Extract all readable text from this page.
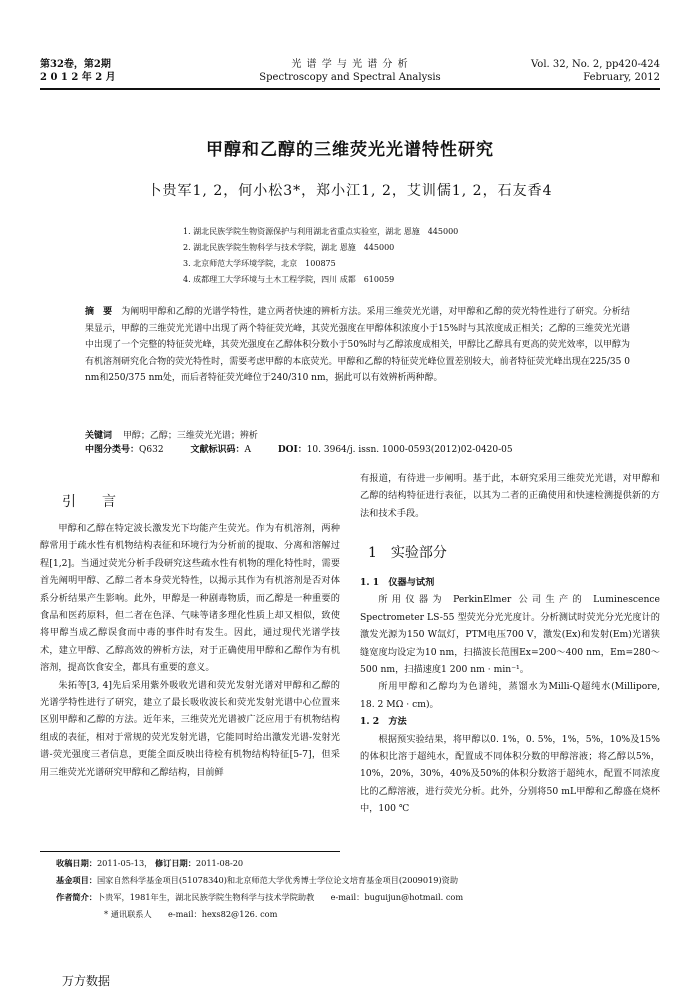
第32卷，第2期
2 0 1 2 年 2 月
光 谱 学 与 光 谱 分 析
Spectroscopy and Spectral Analysis
Vol. 32, No. 2, pp420-424
February, 2012
甲醇和乙醇的三维荧光光谱特性研究
卜贵军1, 2，何小松3*，郑小江1, 2，艾训儒1, 2，石友香4
1. 湖北民族学院生物资源保护与利用湖北省重点实验室，湖北 恩施　445000
2. 湖北民族学院生物科学与技术学院，湖北 恩施　445000
3. 北京师范大学环境学院，北京　100875
4. 成都理工大学环境与土木工程学院，四川 成都　610059
摘　要 为阐明甲醇和乙醇的光谱学特性，建立两者快速的辨析方法。采用三维荧光光谱，对甲醇和乙醇的荧光特性进行了研究。分析结果显示，甲醇的三维荧光光谱中出现了两个特征荧光峰，其荧光强度在甲醇体积浓度小于15%时与其浓度成正相关；乙醇的三维荧光光谱中出现了一个完整的特征荧光峰，其荧光强度在乙醇体积分数小于50%时与乙醇浓度成相关，甲醇比乙醇具有更高的荧光效率，以甲醇为有机溶剂研究化合物的荧光特性时，需要考虑甲醇的本底荧光。甲醇和乙醇的特征荧光峰位置差别较大，前者特征荧光峰出现在225/35 0 nm和250/375 nm处，而后者特征荧光峰位于240/310 nm，据此可以有效辨析两种醇。
关键词 甲醇；乙醇；三维荧光光谱；辨析
中图分类号：Q632	文献标识码：A	DOI：10. 3964/j. issn. 1000-0593(2012)02-0420-05
引　言

甲醇和乙醇在特定波长激发光下均能产生荧光。作为有机溶剂，两种醇常用于疏水性有机物结构表征和环境行为分析前的提取、分离和溶解过程[1,2]。当通过荧光分析手段研究这些疏水性有机物的理化特性时，需要首先阐明甲醇、乙醇二者本身荧光特性，以揭示其作为有机溶剂是否对体系分析结果产生影响。此外，甲醇是一种剧毒物质，而乙醇是一种重要的食品和医药原料，但二者在色泽、气味等诸多理化性质上却又相似，致使将甲醇当成乙醇误食而中毒的事件时有发生。因此，通过现代光谱学技术，建立甲醇、乙醇高效的辨析方法，对于正确使用甲醇和乙醇作为有机溶剂，提高饮食安全，都具有重要的意义。

朱拓等[3, 4]先后采用紫外吸收光谱和荧光发射光谱对甲醇和乙醇的光谱学特性进行了研究，建立了最长吸收波长和荧光发射光谱中心位置来区别甲醇和乙醇的方法。近年来，三维荧光光谱被广泛应用于有机物结构组成的表征，相对于常规的荧光发射光谱，它能同时给出激发光谱-发射光谱-荧光强度三者信息，更能全面反映出待检有机物结构特征[5-7]，但采用三维荧光光谱研究甲醇和乙醇结构，目前鲜

有报道，有待进一步阐明。基于此，本研究采用三维荧光光谱，对甲醇和乙醇的结构特征进行表征，以其为二者的正确使用和快速检测提供新的方法和技术手段。

1　实验部分
1. 1　仪器与试剂

所用仪器为 PerkinElmer 公司生产的 Luminescence Spectrometer LS-55 型荧光分光光度计。分析测试时荧光分光光度计的激发光源为150 W氙灯，PTM电压700 V，激发(Ex)和发射(Em)光谱狭缝宽度均设定为10 nm，扫描波长范围Ex=200～400 nm，Em=280～500 nm，扫描速度1 200 nm · min⁻¹。

所用甲醇和乙醇均为色谱纯，蒸馏水为Milli-Q超纯水(Millipore, 18. 2 MΩ · cm)。

1. 2　方法

根据预实验结果，将甲醇以0. 1%，0. 5%，1%，5%，10%及15%的体积比溶于超纯水，配置成不同体积分数的甲醇溶液；将乙醇以5%，10%，20%，30%，40%及50%的体积分数溶于超纯水，配置不同浓度比的乙醇溶液，进行荧光分析。此外，分别将50 mL甲醇和乙醇盛在烧杯中，100 ℃

收稿日期：2011-05-13， 修订日期：2011-08-20
基金项目：国家自然科学基金项目(51078340)和北京师范大学优秀博士学位论文培育基金项目(2009019)资助
作者简介：卜贵军，1981年生，湖北民族学院生物科学与技术学院助教　　e-mail：buguijun@hotmail. com
* 通讯联系人　　e-mail：hexs82@126. com
万方数据
